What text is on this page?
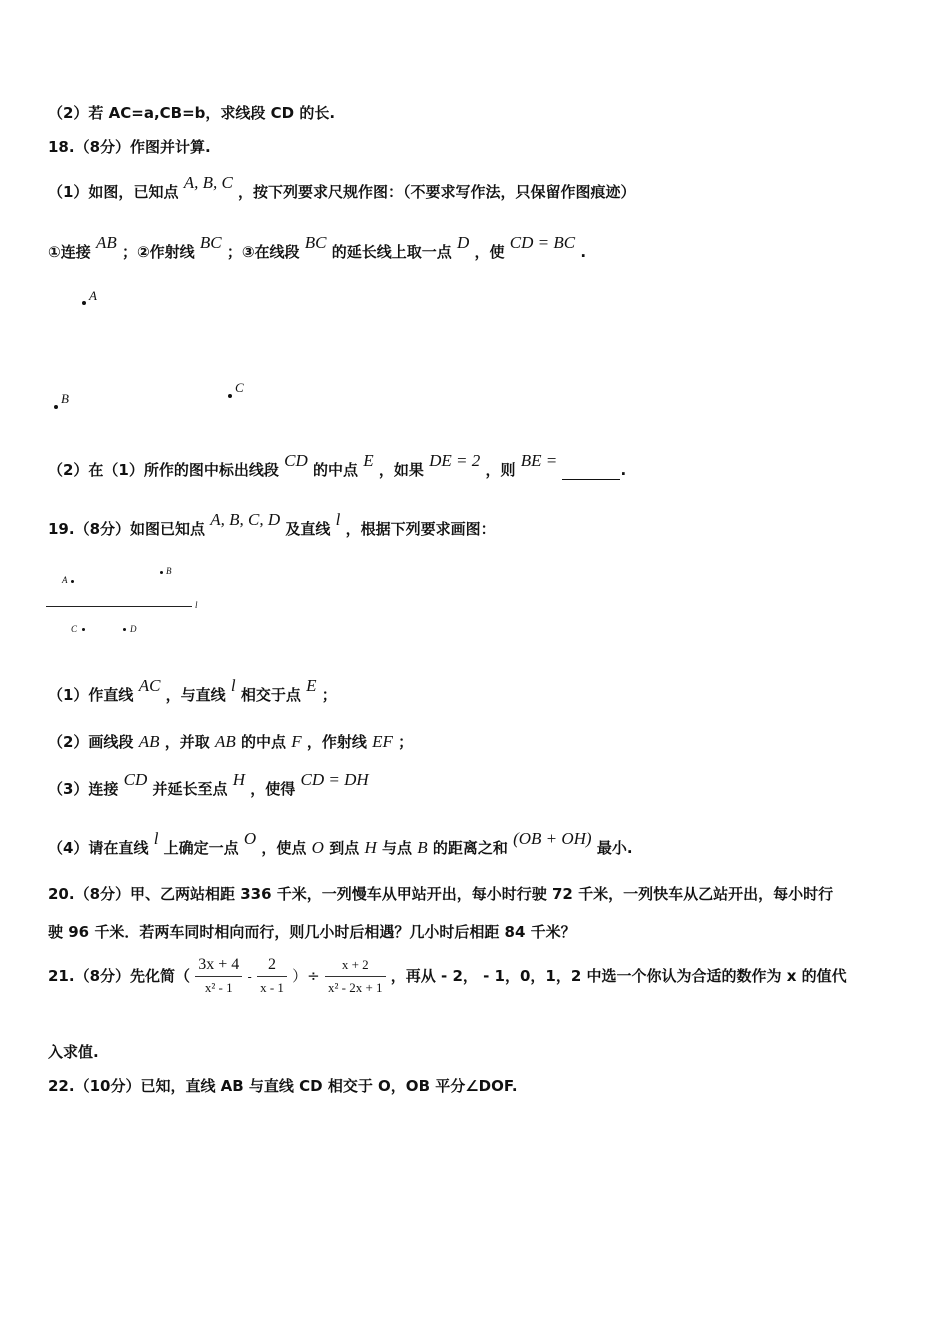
（2）若 AC=a,CB=b，求线段 CD 的长.
18.（8分）作图并计算.
（1）如图，已知点 A, B, C ，按下列要求尺规作图：（不要求写作法，只保留作图痕迹）
①连接 AB ；②作射线 BC ；③在线段 BC 的延长线上取一点 D ，使 CD = BC .
A
B
C
（2）在（1）所作的图中标出线段 CD 的中点 E ，如果 DE = 2 ，则 BE =	.
19.（8分）如图已知点 A, B, C, D 及直线 l ，根据下列要求画图：
A
B
l
C	D
（1）作直线 AC ，与直线 l 相交于点 E ；
（2）画线段 AB ，并取 AB 的中点 F ，作射线 EF ；
（3）连接 CD 并延长至点 H ，使得 CD = DH
（4）请在直线 l 上确定一点 O ，使点 O 到点 H 与点 B 的距离之和 (OB + OH) 最小.
20.（8分）甲、乙两站相距 336 千米，一列慢车从甲站开出，每小时行驶 72 千米，一列快车从乙站开出，每小时行
驶 96 千米．若两车同时相向而行，则几小时后相遇？几小时后相距 84 千米？
21.（8分）先化简（ $\frac{3x + 4}{\text{x² - 1}} - \frac{2}{x - 1}$ ）÷ $\frac{x + 2}{\text{x² - 2x + 1}}$ ，再从 - 2， - 1，0，1，2 中选一个你认为合适的数作为 x 的值代
入求值.
22.（10分）已知，直线 AB 与直线 CD 相交于 O，OB 平分∠DOF.
